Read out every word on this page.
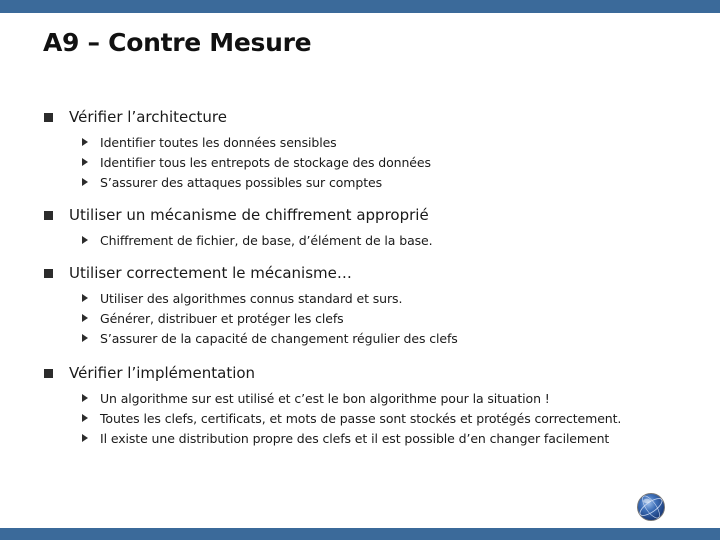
A9 – Contre Mesure
Vérifier l’architecture
Identifier toutes les données sensibles
Identifier tous les entrepots de stockage des données
S’assurer des attaques possibles sur comptes
Utiliser un mécanisme de chiffrement approprié
Chiffrement de fichier, de base, d’élément de la base.
Utiliser correctement le mécanisme…
Utiliser des algorithmes connus standard et surs.
Générer, distribuer et protéger les clefs
S’assurer de la capacité de changement régulier des clefs
Vérifier l’implémentation
Un algorithme sur est utilisé et c’est le bon algorithme pour la situation !
Toutes les clefs, certificats, et mots de passe sont stockés et protégés correctement.
Il existe une distribution propre des clefs et il est possible d’en changer facilement
